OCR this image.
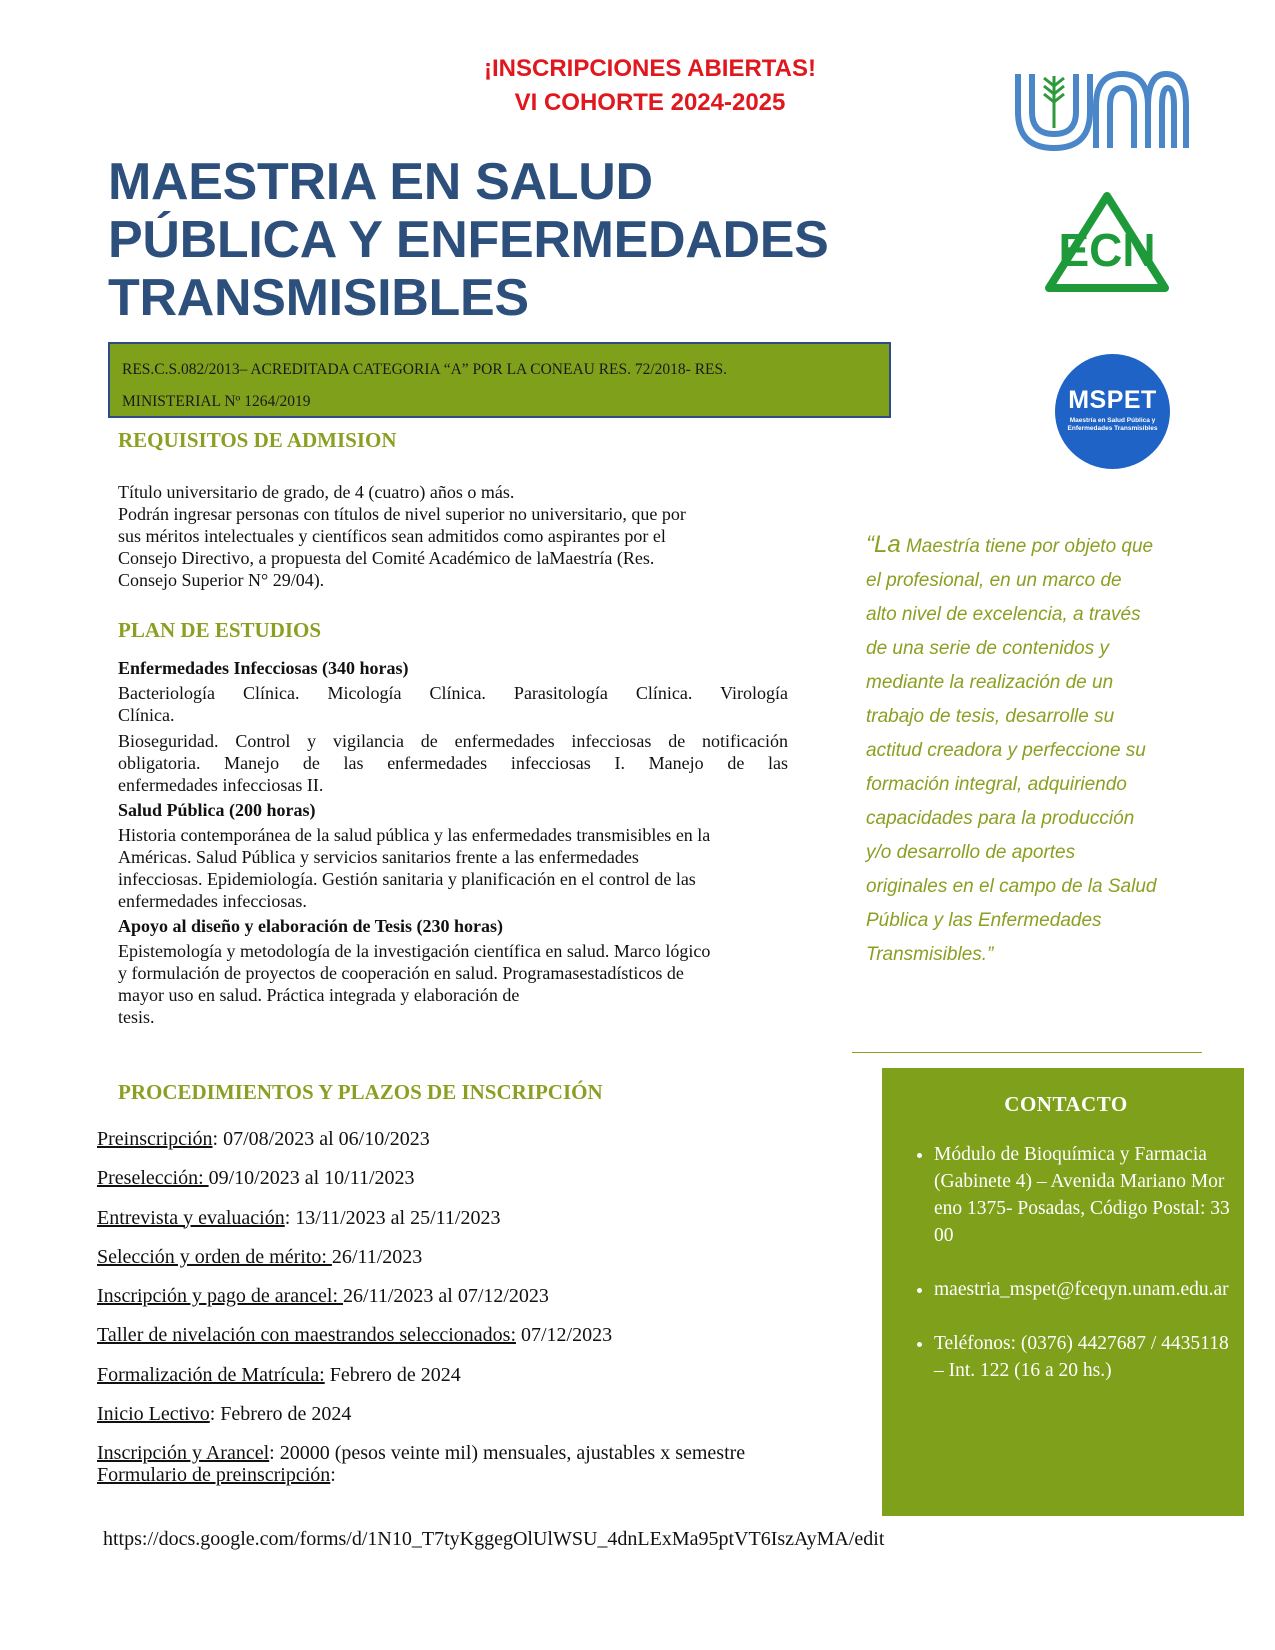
¡INSCRIPCIONES ABIERTAS!
VI COHORTE 2024-2025
ECN
MSPET
Maestría en Salud Pública y Enfermedades Transmisibles
MAESTRIA EN SALUD
PÚBLICA Y ENFERMEDADES
TRANSMISIBLES
RES.C.S.082/2013– ACREDITADA CATEGORIA “A” POR LA CONEAU RES. 72/2018- RES.
MINISTERIAL Nº 1264/2019
REQUISITOS DE ADMISION
Título universitario de grado, de 4 (cuatro) años o más.
Podrán ingresar personas con títulos de nivel superior no universitario, que por
sus méritos intelectuales y científicos sean admitidos como aspirantes por el
Consejo Directivo, a propuesta del Comité Académico de laMaestría (Res.
Consejo Superior N° 29/04).
PLAN DE ESTUDIOS
Enfermedades Infecciosas (340 horas)
Bacteriología Clínica. Micología Clínica. Parasitología Clínica. Virología
Clínica.
Bioseguridad. Control y vigilancia de enfermedades infecciosas de notificación
obligatoria. Manejo de las enfermedades infecciosas I. Manejo de las
enfermedades infecciosas II.
Salud Pública (200 horas)
Historia contemporánea de la salud pública y las enfermedades transmisibles en la
Américas. Salud Pública y servicios sanitarios frente a las enfermedades
infecciosas. Epidemiología. Gestión sanitaria y planificación en el control de las
enfermedades infecciosas.
Apoyo al diseño y elaboración de Tesis (230 horas)
Epistemología y metodología de la investigación científica en salud. Marco lógico
y formulación de proyectos de cooperación en salud. Programasestadísticos de
mayor uso en salud. Práctica integrada y elaboración de
tesis.
“La Maestría tiene por objeto que
el profesional, en un marco de
alto nivel de excelencia, a través
de una serie de contenidos y
mediante la realización de un
trabajo de tesis, desarrolle su
actitud creadora y perfeccione su
formación integral, adquiriendo
capacidades para la producción
y/o desarrollo de aportes
originales en el campo de la Salud
Pública y las Enfermedades
Transmisibles.”
PROCEDIMIENTOS Y PLAZOS DE INSCRIPCIÓN
Preinscripción: 07/08/2023 al 06/10/2023
Preselección: 09/10/2023 al 10/11/2023
Entrevista y evaluación: 13/11/2023 al 25/11/2023
Selección y orden de mérito: 26/11/2023
Inscripción y pago de arancel: 26/11/2023 al 07/12/2023
Taller de nivelación con maestrandos seleccionados: 07/12/2023
Formalización de Matrícula: Febrero de 2024
Inicio Lectivo: Febrero de 2024
Inscripción y Arancel: 20000 (pesos veinte mil) mensuales, ajustables x semestre
Formulario de preinscripción:
https://docs.google.com/forms/d/1N10_T7tyKggegOlUlWSU_4dnLExMa95ptVT6IszAyMA/edit
CONTACTO
• Módulo de Bioquímica y Farmacia (Gabinete 4) – Avenida Mariano Moreno 1375- Posadas, Código Postal: 3300
• maestria_mspet@fceqyn.unam.edu.ar
• Teléfonos: (0376) 4427687 / 4435118 – Int. 122 (16 a 20 hs.)
